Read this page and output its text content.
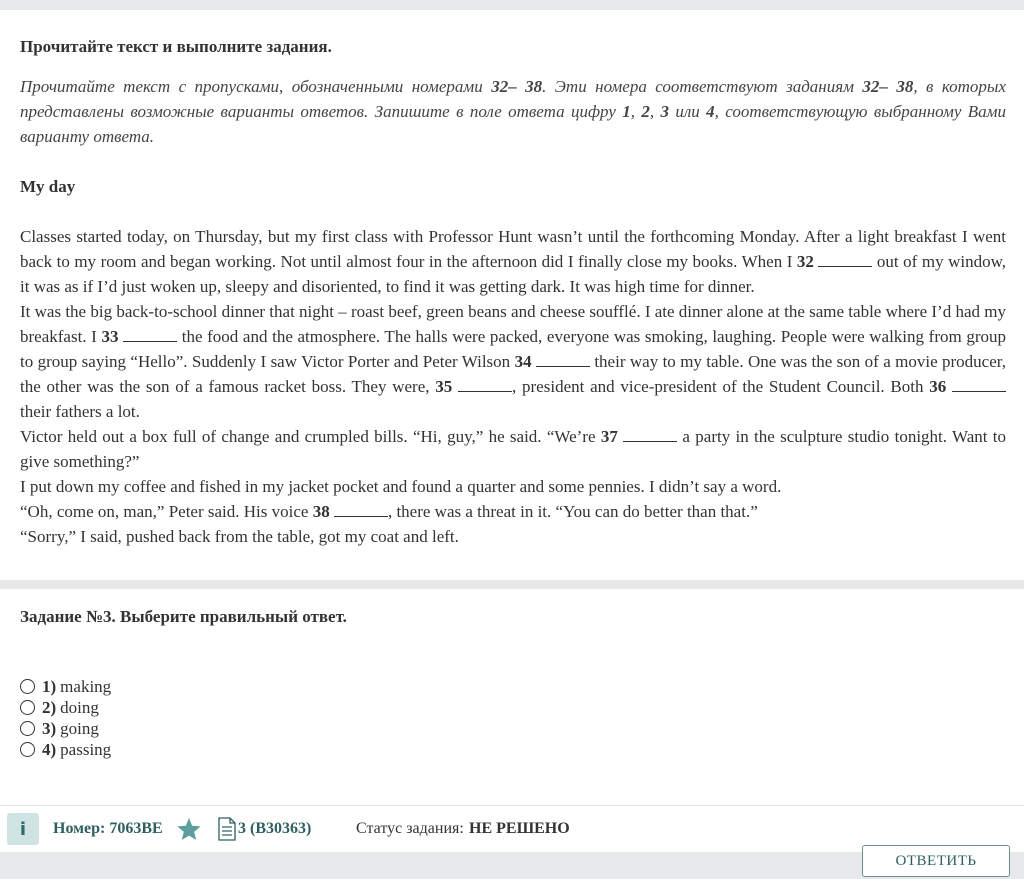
Прочитайте текст и выполните задания.
Прочитайте текст с пропусками, обозначенными номерами 32– 38. Эти номера соответствуют заданиям 32– 38, в которых представлены возможные варианты ответов. Запишите в поле ответа цифру 1, 2, 3 или 4, соответствующую выбранному Вами варианту ответа.
My day

Classes started today, on Thursday, but my first class with Professor Hunt wasn’t until the forthcoming Monday. After a light breakfast I went back to my room and began working. Not until almost four in the afternoon did I finally close my books. When I 32	out of my window, it was as if I’d just woken up, sleepy and disoriented, to find it was getting dark. It was high time for dinner.

It was the big back-to-school dinner that night – roast beef, green beans and cheese soufflé. I ate dinner alone at the same table where I’d had my breakfast. I 33	the food and the atmosphere. The halls were packed, everyone was smoking, laughing. People were walking from group to group saying “Hello”. Suddenly I saw Victor Porter and Peter Wilson 34	their way to my table. One was the son of a movie producer, the other was the son of a famous racket boss. They were, 35	, president and vice-president of the Student Council. Both 36  their fathers a lot.

Victor held out a box full of change and crumpled bills. “Hi, guy,” he said. “We’re 37	a party in the sculpture studio tonight. Want to give something?”

I put down my coffee and fished in my jacket pocket and found a quarter and some pennies. I didn’t say a word.

“Oh, come on, man,” Peter said. His voice 38	, there was a threat in it. “You can do better than that.”

“Sorry,” I said, pushed back from the table, got my coat and left.

Задание №3. Выберите правильный ответ.
1) making
2) doing
3) going
4) passing
i	Номер: 7063BE	3 (B30363)	Статус задания: НЕ РЕШЕНО
ОТВЕТИТЬ
